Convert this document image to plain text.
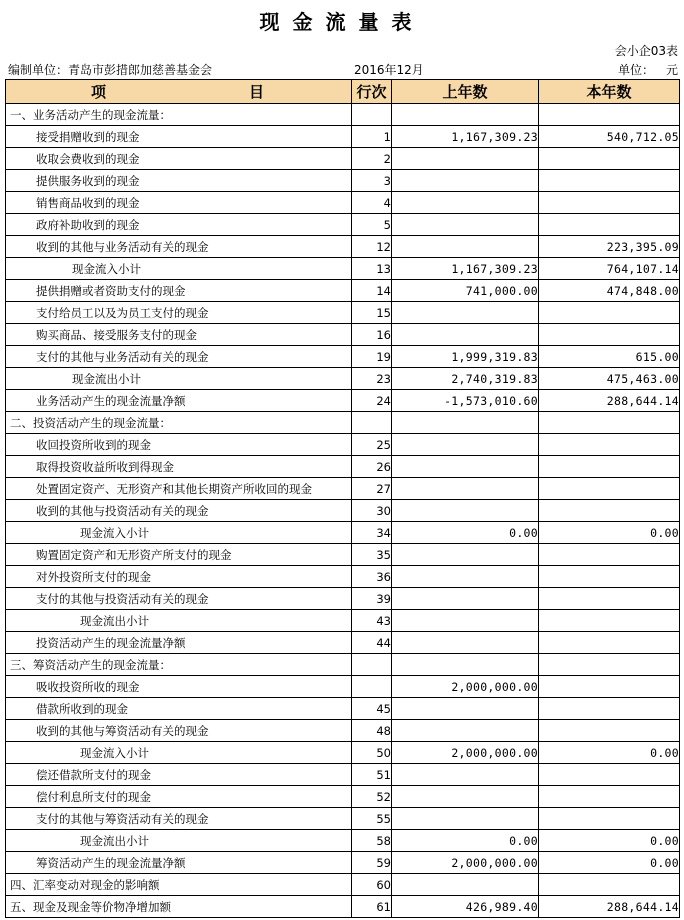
现金流量表
会小企03表
编制单位：青岛市彭措郎加慈善基金会	2016年12月	单位： 元
项 目	行次	上年数	本年数
一、业务活动产生的现金流量：			
接受捐赠收到的现金	1	1,167,309.23	540,712.05
收取会费收到的现金	2		
提供服务收到的现金	3		
销售商品收到的现金	4		
政府补助收到的现金	5		
收到的其他与业务活动有关的现金	12		223,395.09
现金流入小计	13	1,167,309.23	764,107.14
提供捐赠或者资助支付的现金	14	741,000.00	474,848.00
支付给员工以及为员工支付的现金	15		
购买商品、接受服务支付的现金	16		
支付的其他与业务活动有关的现金	19	1,999,319.83	615.00
现金流出小计	23	2,740,319.83	475,463.00
业务活动产生的现金流量净额	24	-1,573,010.60	288,644.14
二、投资活动产生的现金流量：			
收回投资所收到的现金	25		
取得投资收益所收到得现金	26		
处置固定资产、无形资产和其他长期资产所收回的现金	27		
收到的其他与投资活动有关的现金	30		
现金流入小计	34	0.00	0.00
购置固定资产和无形资产所支付的现金	35		
对外投资所支付的现金	36		
支付的其他与投资活动有关的现金	39		
现金流出小计	43		
投资活动产生的现金流量净额	44		
三、筹资活动产生的现金流量：			
吸收投资所收的现金		2,000,000.00	
借款所收到的现金	45		
收到的其他与筹资活动有关的现金	48		
现金流入小计	50	2,000,000.00	0.00
偿还借款所支付的现金	51		
偿付利息所支付的现金	52		
支付的其他与筹资活动有关的现金	55		
现金流出小计	58	0.00	0.00
筹资活动产生的现金流量净额	59	2,000,000.00	0.00
四、汇率变动对现金的影响额	60		
五、现金及现金等价物净增加额	61	426,989.40	288,644.14
